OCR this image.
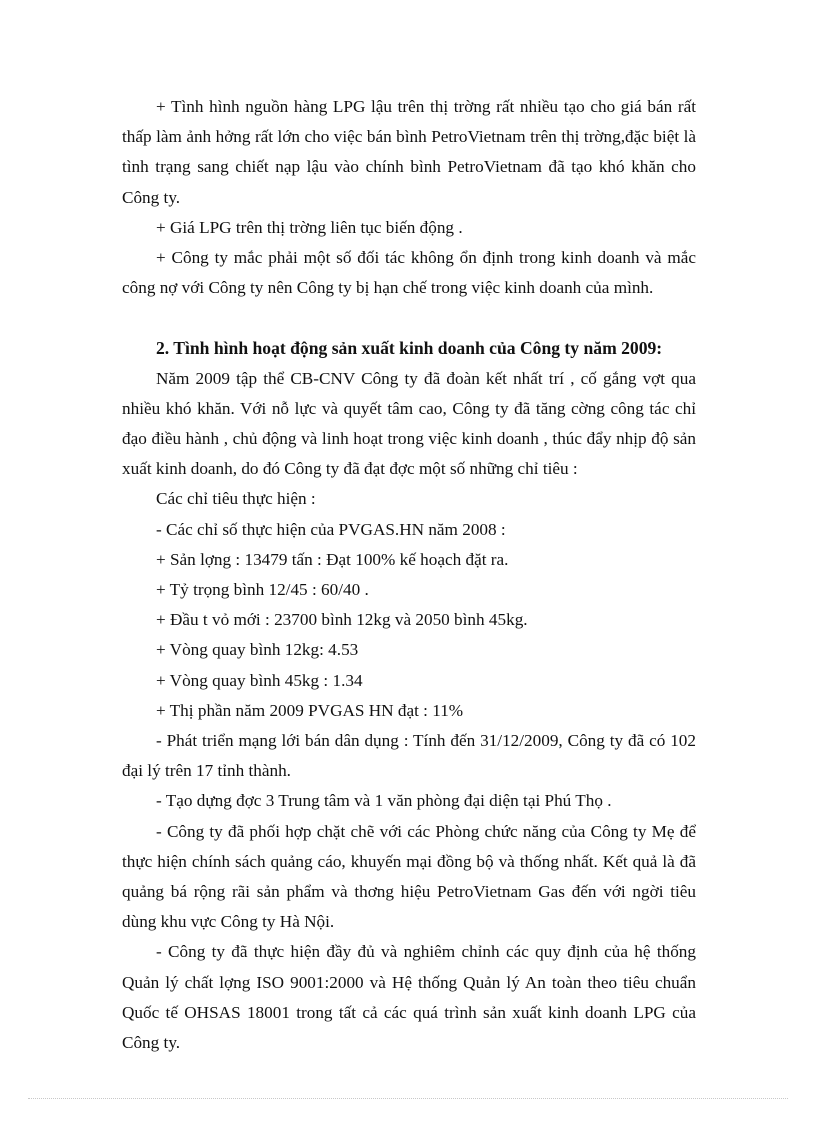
+ Tình hình nguồn hàng LPG lậu trên thị trờng rất nhiều tạo cho giá bán rất thấp làm ảnh hởng rất lớn cho việc bán bình PetroVietnam trên thị trờng,đặc biệt là tình trạng sang chiết nạp lậu vào chính bình PetroVietnam đã tạo khó khăn cho Công ty.

+ Giá LPG trên thị trờng liên tục biến động .

+ Công ty mắc phải một số đối tác không ổn định trong kinh doanh và mắc công nợ với Công ty nên Công ty bị hạn chế trong việc kinh doanh của mình.

2. Tình hình hoạt động sản xuất kinh doanh của Công ty năm 2009:

Năm 2009 tập thể CB-CNV Công ty đã đoàn kết nhất trí , cố gắng vợt qua nhiều khó khăn. Với nỗ lực và quyết tâm cao, Công ty đã tăng cờng công tác chỉ đạo điều hành , chủ động và linh hoạt trong việc kinh doanh , thúc đẩy nhịp độ sản xuất kinh doanh, do đó Công ty đã đạt đợc một số những chỉ tiêu :

Các chỉ tiêu thực hiện :

- Các chỉ số thực hiện của PVGAS.HN năm 2008 :

+ Sản lợng : 13479 tấn : Đạt 100% kế hoạch đặt ra.

+ Tỷ trọng bình 12/45 : 60/40 .

+ Đầu t vỏ mới : 23700 bình 12kg và 2050 bình 45kg.

+ Vòng quay bình 12kg: 4.53

+ Vòng quay bình 45kg : 1.34

+ Thị phần năm 2009 PVGAS HN đạt : 11%

- Phát triển mạng lới bán dân dụng : Tính đến 31/12/2009, Công ty đã có 102 đại lý trên 17 tỉnh thành.

- Tạo dựng đợc 3 Trung tâm và 1 văn phòng đại diện tại Phú Thọ .

- Công ty đã phối hợp chặt chẽ với các Phòng chức năng của Công ty Mẹ để thực hiện chính sách quảng cáo, khuyến mại đồng bộ và thống nhất. Kết quả là đã quảng bá rộng rãi sản phẩm và thơng hiệu PetroVietnam Gas đến với ngời tiêu dùng khu vực Công ty Hà Nội.

- Công ty đã thực hiện đầy đủ và nghiêm chỉnh các quy định của hệ thống Quản lý chất lợng ISO 9001:2000 và Hệ thống Quản lý An toàn theo tiêu chuẩn Quốc tế OHSAS 18001 trong tất cả các quá trình sản xuất kinh doanh LPG của Công ty.
